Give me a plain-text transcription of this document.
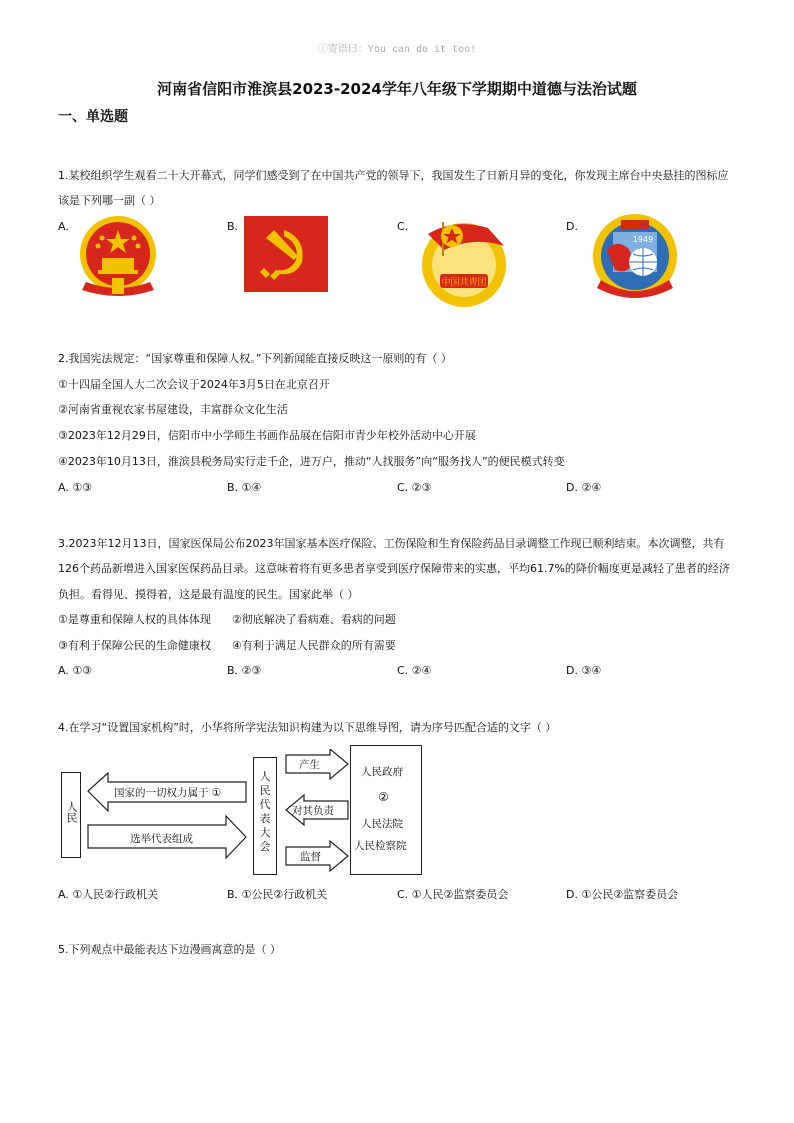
ⓘ寄语曰：You can do it too!
河南省信阳市淮滨县2023-2024学年八年级下学期期中道德与法治试题
一、单选题
1.某校组织学生观看二十大开幕式，同学们感受到了在中国共产党的领导下，我国发生了日新月异的变化，你发现主席台中央悬挂的图标应
该是下列哪一副（ ）
A.	B.	C.	D.
中国共青团
1949
2.我国宪法规定：“国家尊重和保障人权。”下列新闻能直接反映这一原则的有（ ）
①十四届全国人大二次会议于2024年3月5日在北京召开
②河南省重视农家书屋建设，丰富群众文化生活
③2023年12月29日，信阳市中小学师生书画作品展在信阳市青少年校外活动中心开展
④2023年10月13日，淮滨县税务局实行走千企，进万户，推动“人找服务”向“服务找人”的便民模式转变
A. ①③	B. ①④	C. ②③	D. ②④
3.2023年12月13日，国家医保局公布2023年国家基本医疗保险、工伤保险和生育保险药品目录调整工作现已顺利结束。本次调整，共有
126个药品新增进入国家医保药品目录。这意味着将有更多患者享受到医疗保障带来的实惠，平均61.7%的降价幅度更是减轻了患者的经济
负担。看得见、摸得着，这是最有温度的民生。国家此举（ ）
①是尊重和保障人权的具体体现      ②彻底解决了看病难、看病的问题
③有利于保障公民的生命健康权      ④有利于满足人民群众的所有需要
A. ①③	B. ②③	C. ②④	D. ③④
4.在学习“设置国家机构”时，小华将所学宪法知识构建为以下思维导图，请为序号匹配合适的文字（ ）
人民
国家的一切权力属于 ①
选举代表组成
人民代表大会
产生
对其负责
监督
人民政府
②
人民法院
人民检察院
A. ①人民②行政机关	B. ①公民②行政机关	C. ①人民②监察委员会	D. ①公民②监察委员会
5.下列观点中最能表达下边漫画寓意的是（ ）
